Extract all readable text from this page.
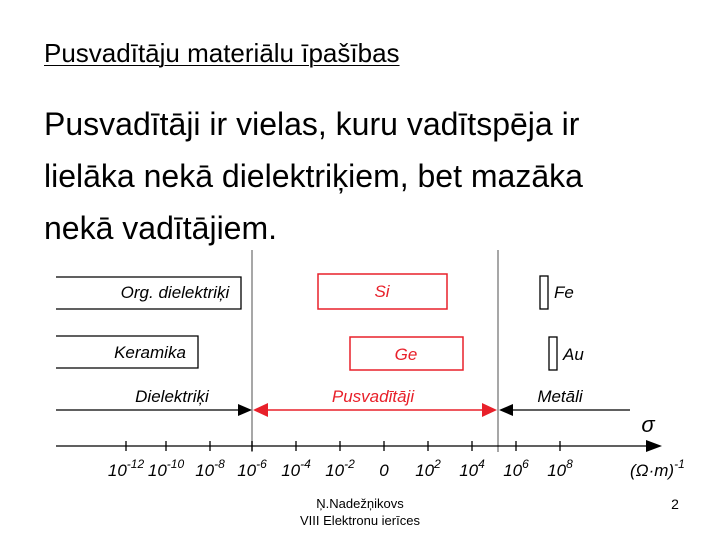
Pusvadītāju materiālu īpašības
Pusvadītāji ir vielas, kuru vadītspēja ir
lielāka nekā dielektriķiem, bet mazāka
nekā vadītājiem.
Org. dielektriķi
Keramika
Si
Ge
Fe
Au
Dielektriķi	Pusvadītāji	Metāli
σ
$10^{-12}$ $10^{-10}$ $10^{-8}$ $10^{-6}$ $10^{-4}$ $10^{-2}$ 0 $10^2$ $10^4$ $10^6$ $10^8$	$(\Omega\cdot m)^{-1}$
Ņ.Nadežņikovs
VIII Elektronu ierīces
2
